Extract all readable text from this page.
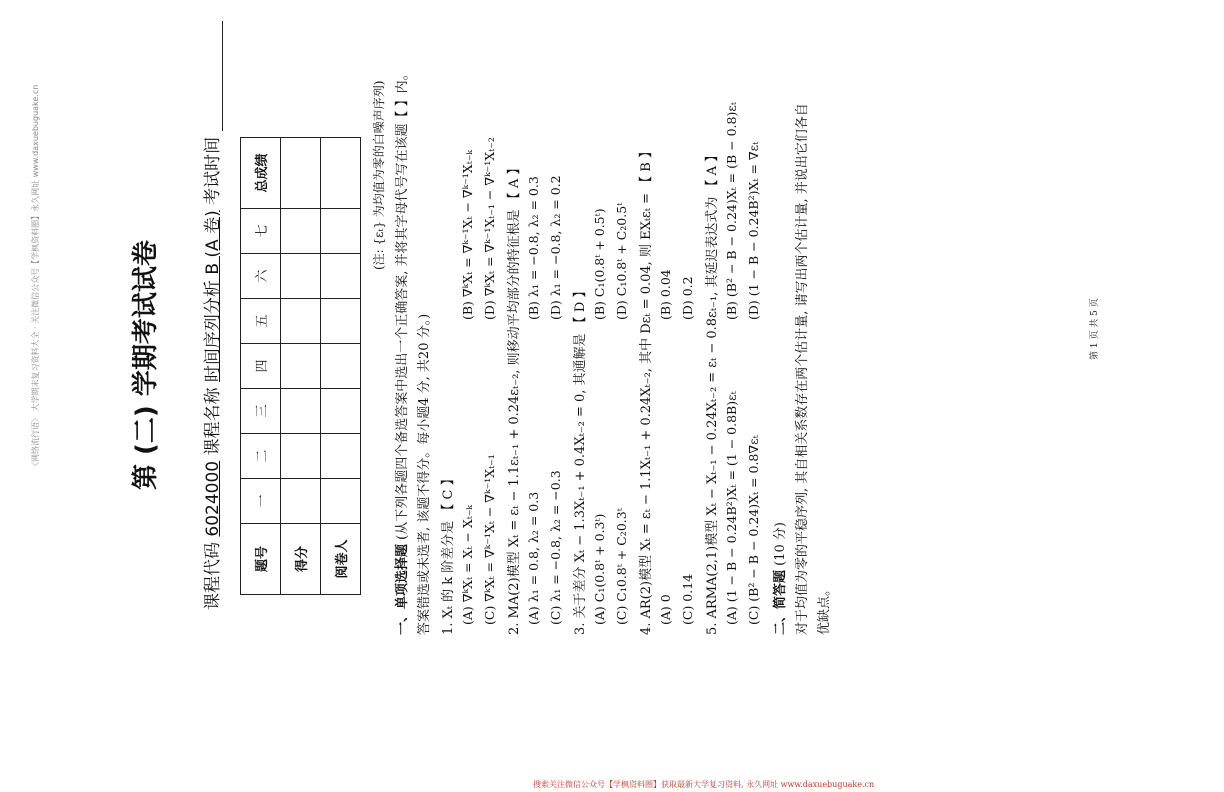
《网络流行语》 大学期末复习资料大全 · 关注微信公众号【学枫资料圈】永久网址 www.daxuebuguake.cn	第 (二) 学期考试试卷
课程代码 6024000 课程名称 时间序列分析 B (A 卷) 考试时间
题号	一	二	三	四	五	六	七	总成绩
得分								
阅卷人								
(注: {εₜ} 为均值为零的白噪声序列)
一、单项选择题 (从下列各题四个备选答案中选出一个正确答案, 并将其字母代号写在该题【 】内。答案错选或未选者, 该题不得分。每小题4 分, 共20 分。) 1. Xₜ 的 k 阶差分是 【 C 】 (A) ∇ᵏXₜ = Xₜ − Xₜ₋ₖ
(B) ∇ᵏXₜ = ∇ᵏ⁻¹Xₜ − ∇ᵏ⁻¹Xₜ₋ₖ
(C) ∇ᵏXₜ = ∇ᵏ⁻¹Xₜ − ∇ᵏ⁻¹Xₜ₋₁
(D) ∇ᵏXₜ = ∇ᵏ⁻¹Xₜ₋₁ − ∇ᵏ⁻¹Xₜ₋₂ 2. MA(2)模型 Xₜ = εₜ − 1.1εₜ₋₁ + 0.24εₜ₋₂, 则移动平均部分的特征根是 【 A 】 (A) λ₁ = 0.8, λ₂ = 0.3
(B) λ₁ = −0.8, λ₂ = 0.3
(C) λ₁ = −0.8, λ₂ = −0.3
(D) λ₁ = −0.8, λ₂ = 0.2
3. 关于差分 Xₜ − 1.3Xₜ₋₁ + 0.4Xₜ₋₂ = 0, 其通解是 【 D 】 (A) C₁(0.8ᵗ + 0.3ᵗ)
(B) C₁(0.8ᵗ + 0.5ᵗ)
(C) C₁0.8ᵗ + C₂0.3ᵗ
(D) C₁0.8ᵗ + C₂0.5ᵗ 4. AR(2)模型 Xₜ = εₜ − 1.1Xₜ₋₁ + 0.24Xₜ₋₂, 其中 Dεₜ = 0.04, 则 EXₜεₜ = 【 B 】 (A) 0
(B) 0.04
(C) 0.14
(D) 0.2 5. ARMA(2,1)模型 Xₜ − Xₜ₋₁ − 0.24Xₜ₋₂ = εₜ − 0.8εₜ₋₁, 其延迟表达式为 【 A 】 (A) (1 − B − 0.24B²)Xₜ = (1 − 0.8B)εₜ
(B) (B² − B − 0.24)Xₜ = (B − 0.8)εₜ
(C) (B² − B − 0.24)Xₜ = 0.8∇εₜ
(D) (1 − B − 0.24B²)Xₜ = ∇εₜ
二、简答题 (10 分) 对于均值为零的平稳序列, 其自相关系数存在两个估计量, 请写出两个估计量, 并说出它们各自 优缺点。
第 1 页 共 5 页
搜索关注微信公众号【学枫资料圈】获取最新大学复习资料, 永久网址 www.daxuebuguake.cn
